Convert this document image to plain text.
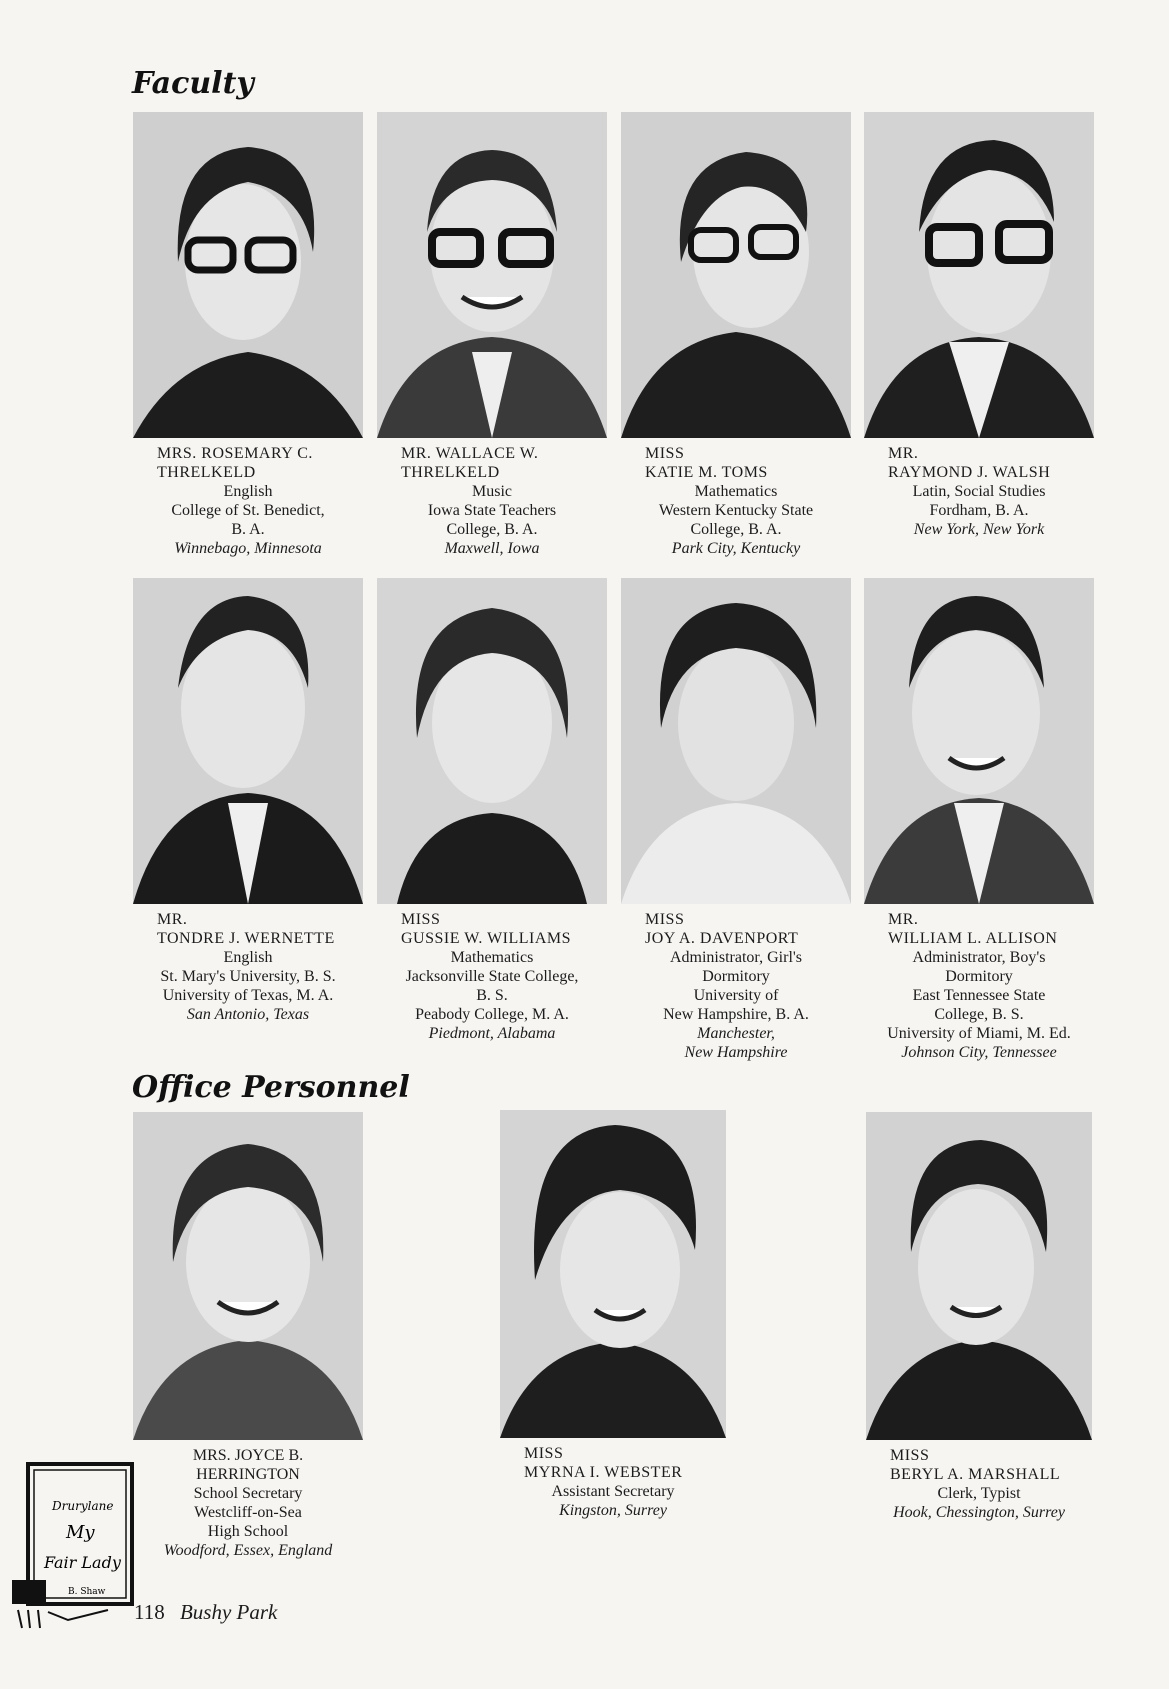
Faculty
MRS. ROSEMARY C.
THRELKELD
English
College of St. Benedict,
B. A.
Winnebago, Minnesota
MR. WALLACE W.
THRELKELD
Music
Iowa State Teachers
College, B. A.
Maxwell, Iowa
MISS
KATIE M. TOMS
Mathematics
Western Kentucky State
College, B. A.
Park City, Kentucky
MR.
RAYMOND J. WALSH
Latin, Social Studies
Fordham, B. A.
New York, New York
MR.
TONDRE J. WERNETTE
English
St. Mary's University, B. S.
University of Texas, M. A.
San Antonio, Texas
MISS
GUSSIE W. WILLIAMS
Mathematics
Jacksonville State College,
B. S.
Peabody College, M. A.
Piedmont, Alabama
MISS
JOY A. DAVENPORT
Administrator, Girl's
Dormitory
University of
New Hampshire, B. A.
Manchester,
New Hampshire
MR.
WILLIAM L. ALLISON
Administrator, Boy's
Dormitory
East Tennessee State
College, B. S.
University of Miami, M. Ed.
Johnson City, Tennessee
Office Personnel
MRS. JOYCE B.
HERRINGTON
School Secretary
Westcliff-on-Sea
High School
Woodford, Essex, England
MISS
MYRNA I. WEBSTER
Assistant Secretary
Kingston, Surrey
MISS
BERYL A. MARSHALL
Clerk, Typist
Hook, Chessington, Surrey
Drurylane
My
Fair Lady
B. Shaw
118 Bushy Park
